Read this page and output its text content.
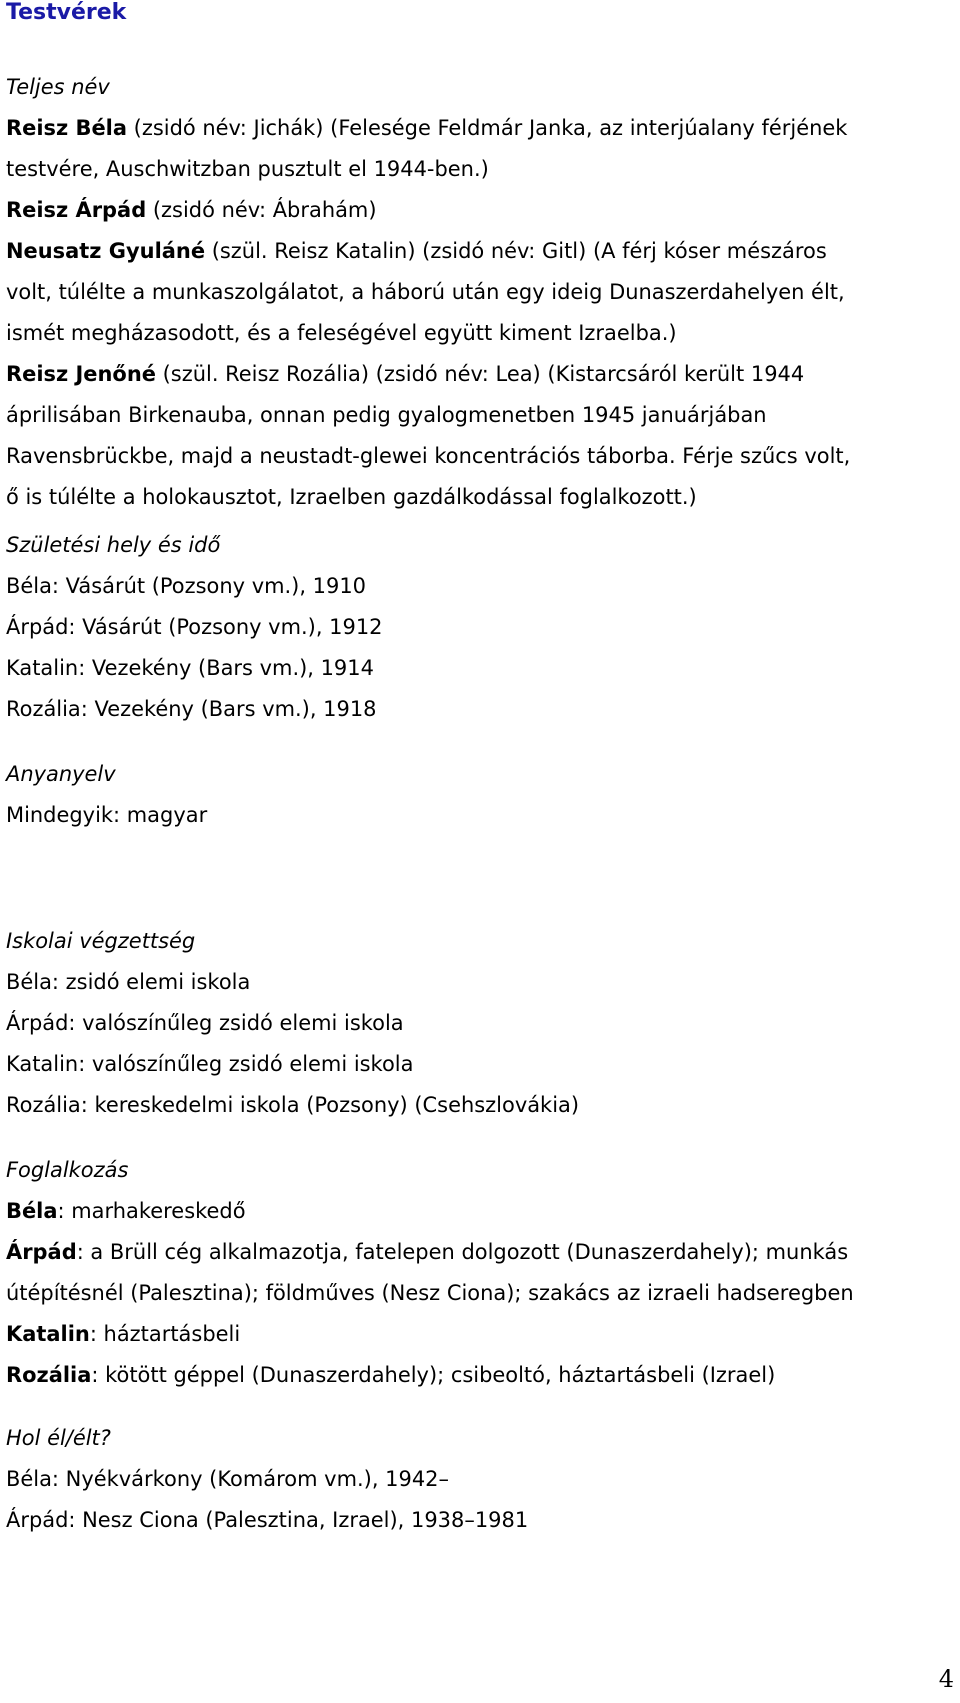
Testvérek
Teljes név
Reisz Béla (zsidó név: Jichák) (Felesége Feldmár Janka, az interjúalany férjének
testvére, Auschwitzban pusztult el 1944-ben.)
Reisz Árpád (zsidó név: Ábrahám)
Neusatz Gyuláné (szül. Reisz Katalin) (zsidó név: Gitl) (A férj kóser mészáros
volt, túlélte a munkaszolgálatot, a háború után egy ideig Dunaszerdahelyen élt,
ismét megházasodott, és a feleségével együtt kiment Izraelba.)
Reisz Jenőné (szül. Reisz Rozália) (zsidó név: Lea) (Kistarcsáról került 1944
áprilisában Birkenauba, onnan pedig gyalogmenetben 1945 januárjában
Ravensbrückbe, majd a neustadt-glewei koncentrációs táborba. Férje szűcs volt,
ő is túlélte a holokausztot, Izraelben gazdálkodással foglalkozott.)
Születési hely és idő
Béla: Vásárút (Pozsony vm.), 1910
Árpád: Vásárút (Pozsony vm.), 1912
Katalin: Vezekény (Bars vm.), 1914
Rozália: Vezekény (Bars vm.), 1918
Anyanyelv
Mindegyik: magyar
Iskolai végzettség
Béla: zsidó elemi iskola
Árpád: valószínűleg zsidó elemi iskola
Katalin: valószínűleg zsidó elemi iskola
Rozália: kereskedelmi iskola (Pozsony) (Csehszlovákia)
Foglalkozás
Béla: marhakereskedő
Árpád: a Brüll cég alkalmazotja, fatelepen dolgozott (Dunaszerdahely); munkás
útépítésnél (Palesztina); földműves (Nesz Ciona); szakács az izraeli hadseregben
Katalin: háztartásbeli
Rozália: kötött géppel (Dunaszerdahely); csibeoltó, háztartásbeli (Izrael)
Hol él/élt?
Béla: Nyékvárkony (Komárom vm.), 1942–
Árpád: Nesz Ciona (Palesztina, Izrael), 1938–1981
4
